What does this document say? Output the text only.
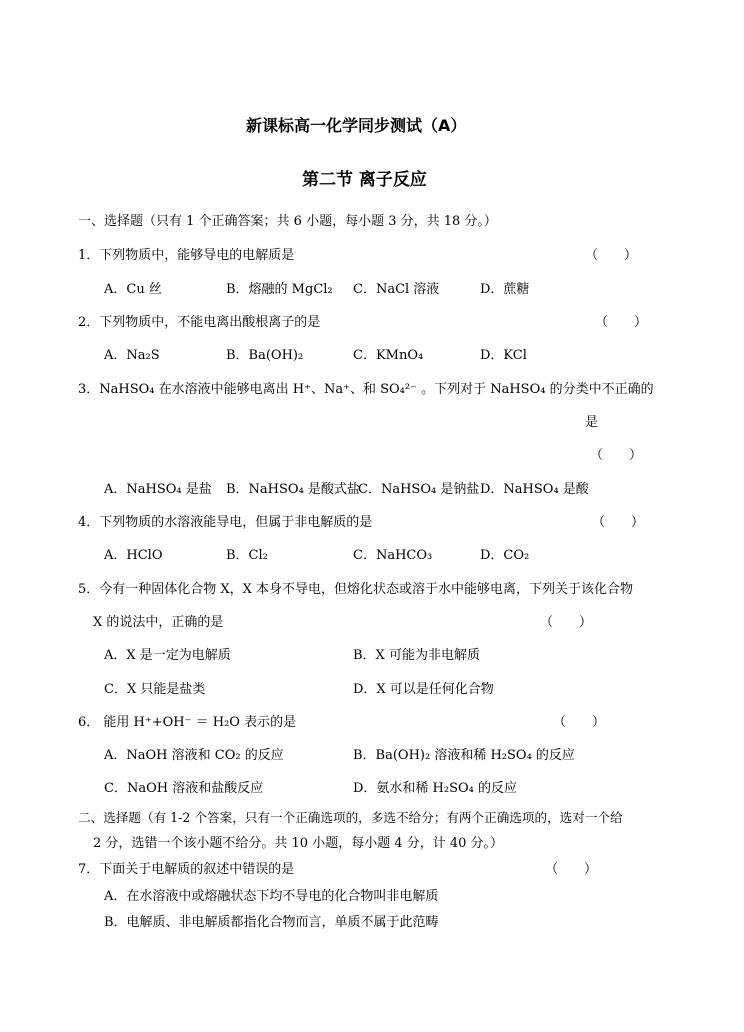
新课标高一化学同步测试（A）
第二节 离子反应
一、选择题（只有 1 个正确答案；共 6 小题，每小题 3 分，共 18 分。）
1．下列物质中，能够导电的电解质是	（　　）
A．Cu 丝	B．熔融的 MgCl₂ C．NaCl 溶液	D．蔗糖
2．下列物质中，不能电离出酸根离子的是	（　　）
A．Na₂S	B．Ba(OH)₂	C．KMnO₄	D．KCl
3．NaHSO₄ 在水溶液中能够电离出 H⁺、Na⁺、和 SO₄²⁻ 。下列对于 NaHSO₄ 的分类中不正确的
是
（　　）
A．NaHSO₄ 是盐 B．NaHSO₄ 是酸式盐
C．NaHSO₄ 是钠盐 D．NaHSO₄ 是酸
4．下列物质的水溶液能导电，但属于非电解质的是	（　　）
A．HClO	B．Cl₂	C．NaHCO₃	D．CO₂
5．今有一种固体化合物 X，X 本身不导电，但熔化状态或溶于水中能够电离，下列关于该化合物
X 的说法中，正确的是	（　　）
A．X 是一定为电解质	B．X 可能为非电解质
C．X 只能是盐类	D．X 可以是任何化合物
6． 能用 H⁺+OH⁻ ＝ H₂O 表示的是	（　　）
A．NaOH 溶液和 CO₂ 的反应	B．Ba(OH)₂ 溶液和稀 H₂SO₄ 的反应
C．NaOH 溶液和盐酸反应	D．氨水和稀 H₂SO₄ 的反应
二、选择题（有 1-2 个答案，只有一个正确选项的，多选不给分；有两个正确选项的，选对一个给
2 分，选错一个该小题不给分。共 10 小题，每小题 4 分，计 40 分。）
7．下面关于电解质的叙述中错误的是	（　　）
A．在水溶液中或熔融状态下均不导电的化合物叫非电解质
B．电解质、非电解质都指化合物而言，单质不属于此范畴
